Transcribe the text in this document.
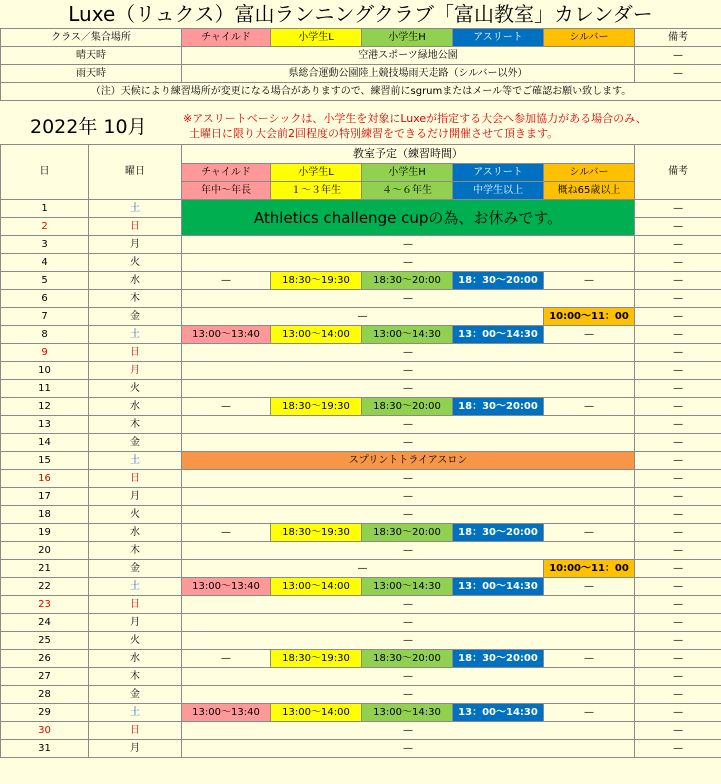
Luxe（リュクス）富山ランニングクラブ「富山教室」カレンダー
クラス／集合場所	チャイルド	小学生L	小学生H	アスリート	シルバー	備考
晴天時	空港スポーツ緑地公園					—
雨天時	県総合運動公園陸上競技場雨天走路（シルバー以外）					—
（注）天候により練習場所が変更になる場合がありますので、練習前にsgrumまたはメール等でご確認お願い致します。						
2022年 10月	※アスリートベーシックは、小学生を対象にLuxeが指定する大会へ参加協力がある場合のみ、
土曜日に限り大会前2回程度の特別練習をできるだけ開催させて頂きます。
日	曜日	教室予定（練習時間）					備考
		チャイルド	小学生L	小学生H	アスリート	シルバー	
		年中～年長	１～３年生	４～６年生	中学生以上	概ね65歳以上	
1	土	Athletics challenge cupの為、お休みです。					—
2	日						—
3	月	—					—
4	火	—					—
5	水	—	18:30～19:30	18:30～20:00	18：30～20:00	—	—
6	木	—					—
7	金	—				10:00～11：00	—
8	土	13:00～13:40	13:00～14:00	13:00～14:30	13：00～14:30	—	—
9	日	—					—
10	月	—					—
11	火	—					—
12	水	—	18:30～19:30	18:30～20:00	18：30～20:00	—	—
13	木	—					—
14	金	—					—
15	土	スプリントトライアスロン					—
16	日	—					—
17	月	—					—
18	火	—					—
19	水	—	18:30～19:30	18:30～20:00	18：30～20:00	—	—
20	木	—					—
21	金	—				10:00～11：00	—
22	土	13:00～13:40	13:00～14:00	13:00～14:30	13：00～14:30	—	—
23	日	—					—
24	月	—					—
25	火	—					—
26	水	—	18:30～19:30	18:30～20:00	18：30～20:00	—	—
27	木	—					—
28	金	—					—
29	土	13:00～13:40	13:00～14:00	13:00～14:30	13：00～14:30	—	—
30	日	—					—
31	月	—					—
